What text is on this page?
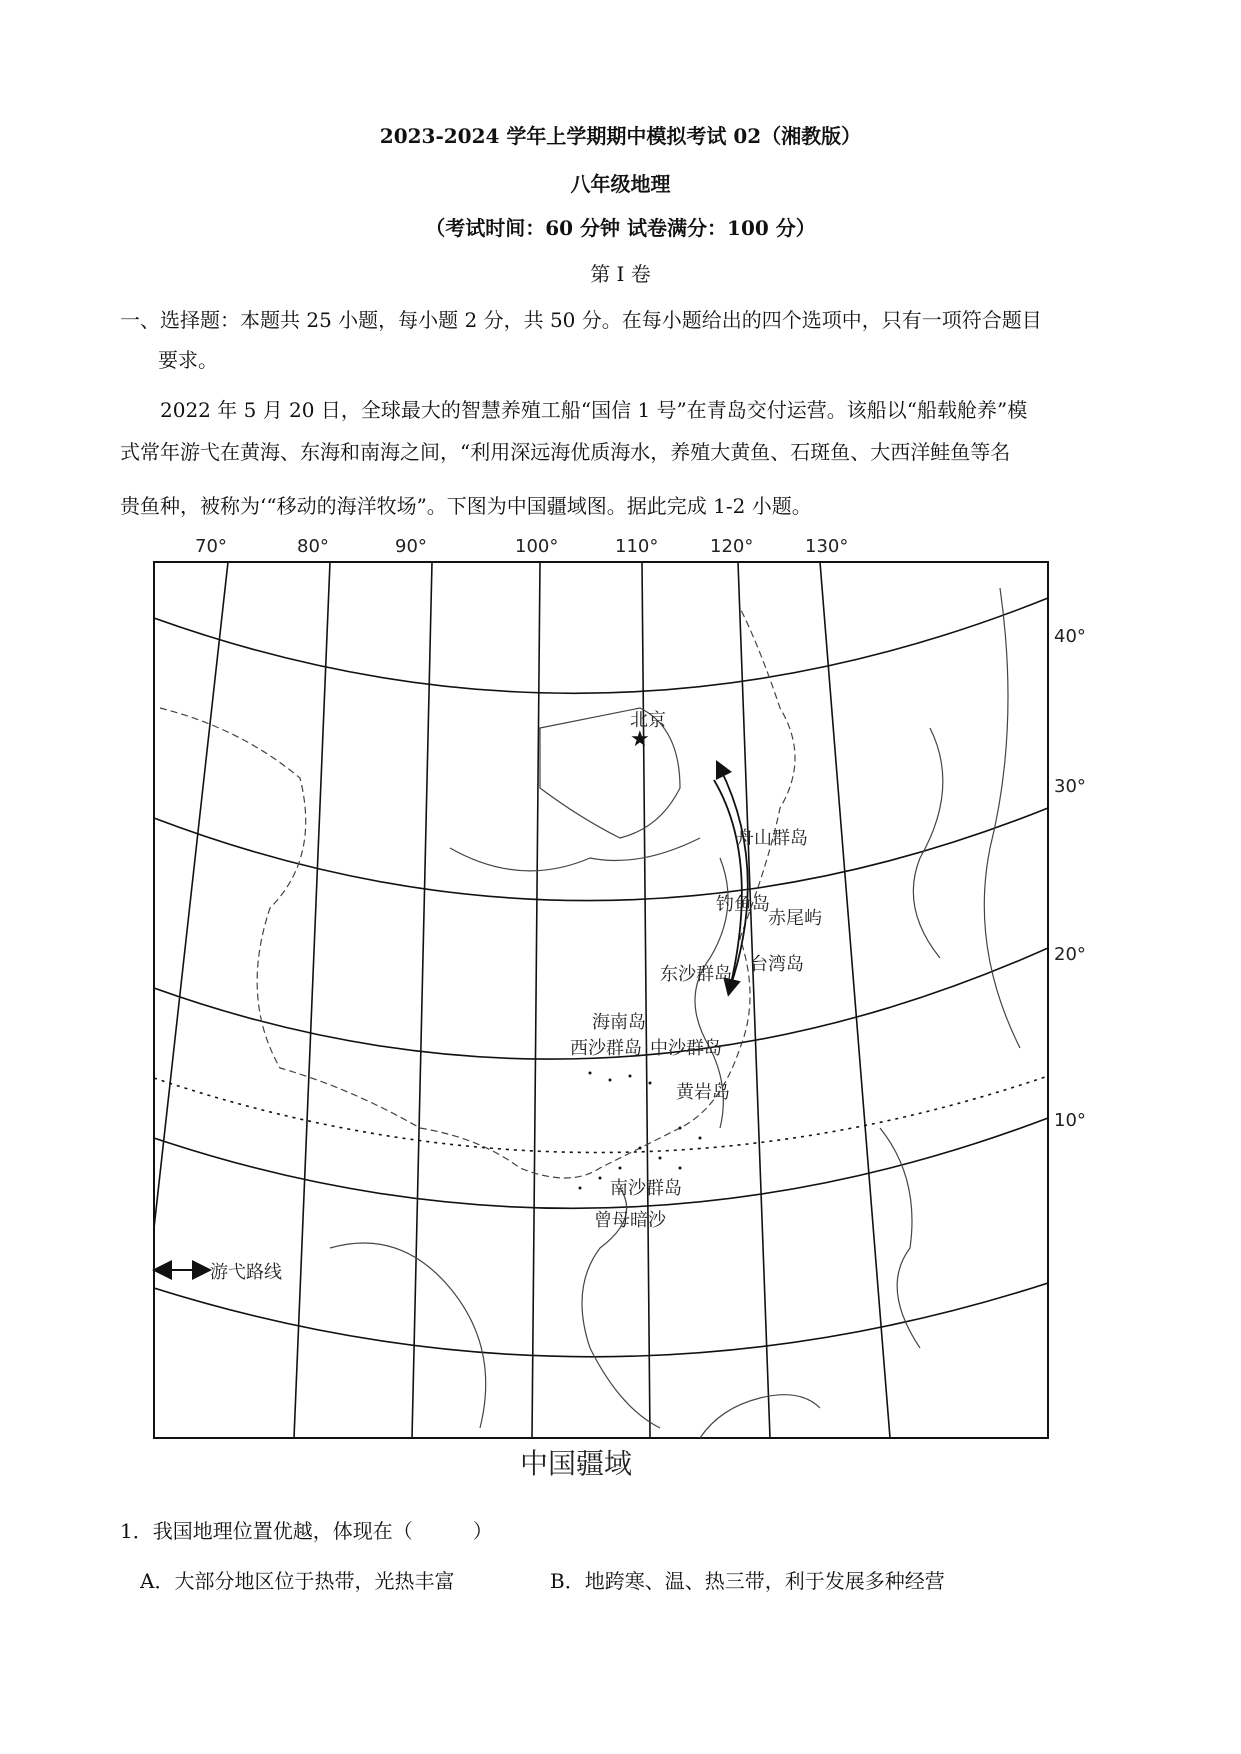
2023-2024 学年上学期期中模拟考试 02（湘教版）
八年级地理
（考试时间：60 分钟 试卷满分：100 分）
第 I 卷
一、选择题：本题共 25 小题，每小题 2 分，共 50 分。在每小题给出的四个选项中，只有一项符合题目
要求。
2022 年 5 月 20 日，全球最大的智慧养殖工船“国信 1 号”在青岛交付运营。该船以“船载舱养”模
式常年游弋在黄海、东海和南海之间，“利用深远海优质海水，养殖大黄鱼、石斑鱼、大西洋鲑鱼等名
贵鱼种，被称为‘“移动的海洋牧场”。下图为中国疆域图。据此完成 1-2 小题。
70°	80°	90°	100°	110°	120°	130°
★
40°
30°
20°
10°
北京
舟山群岛
钓鱼岛
赤尾屿
东沙群岛 台湾岛
海南岛
西沙群岛 中沙群岛
黄岩岛
南沙群岛
曾母暗沙
游弋路线
中国疆域
1．我国地理位置优越，体现在（　　　）
A．大部分地区位于热带，光热丰富	B．地跨寒、温、热三带，利于发展多种经营
